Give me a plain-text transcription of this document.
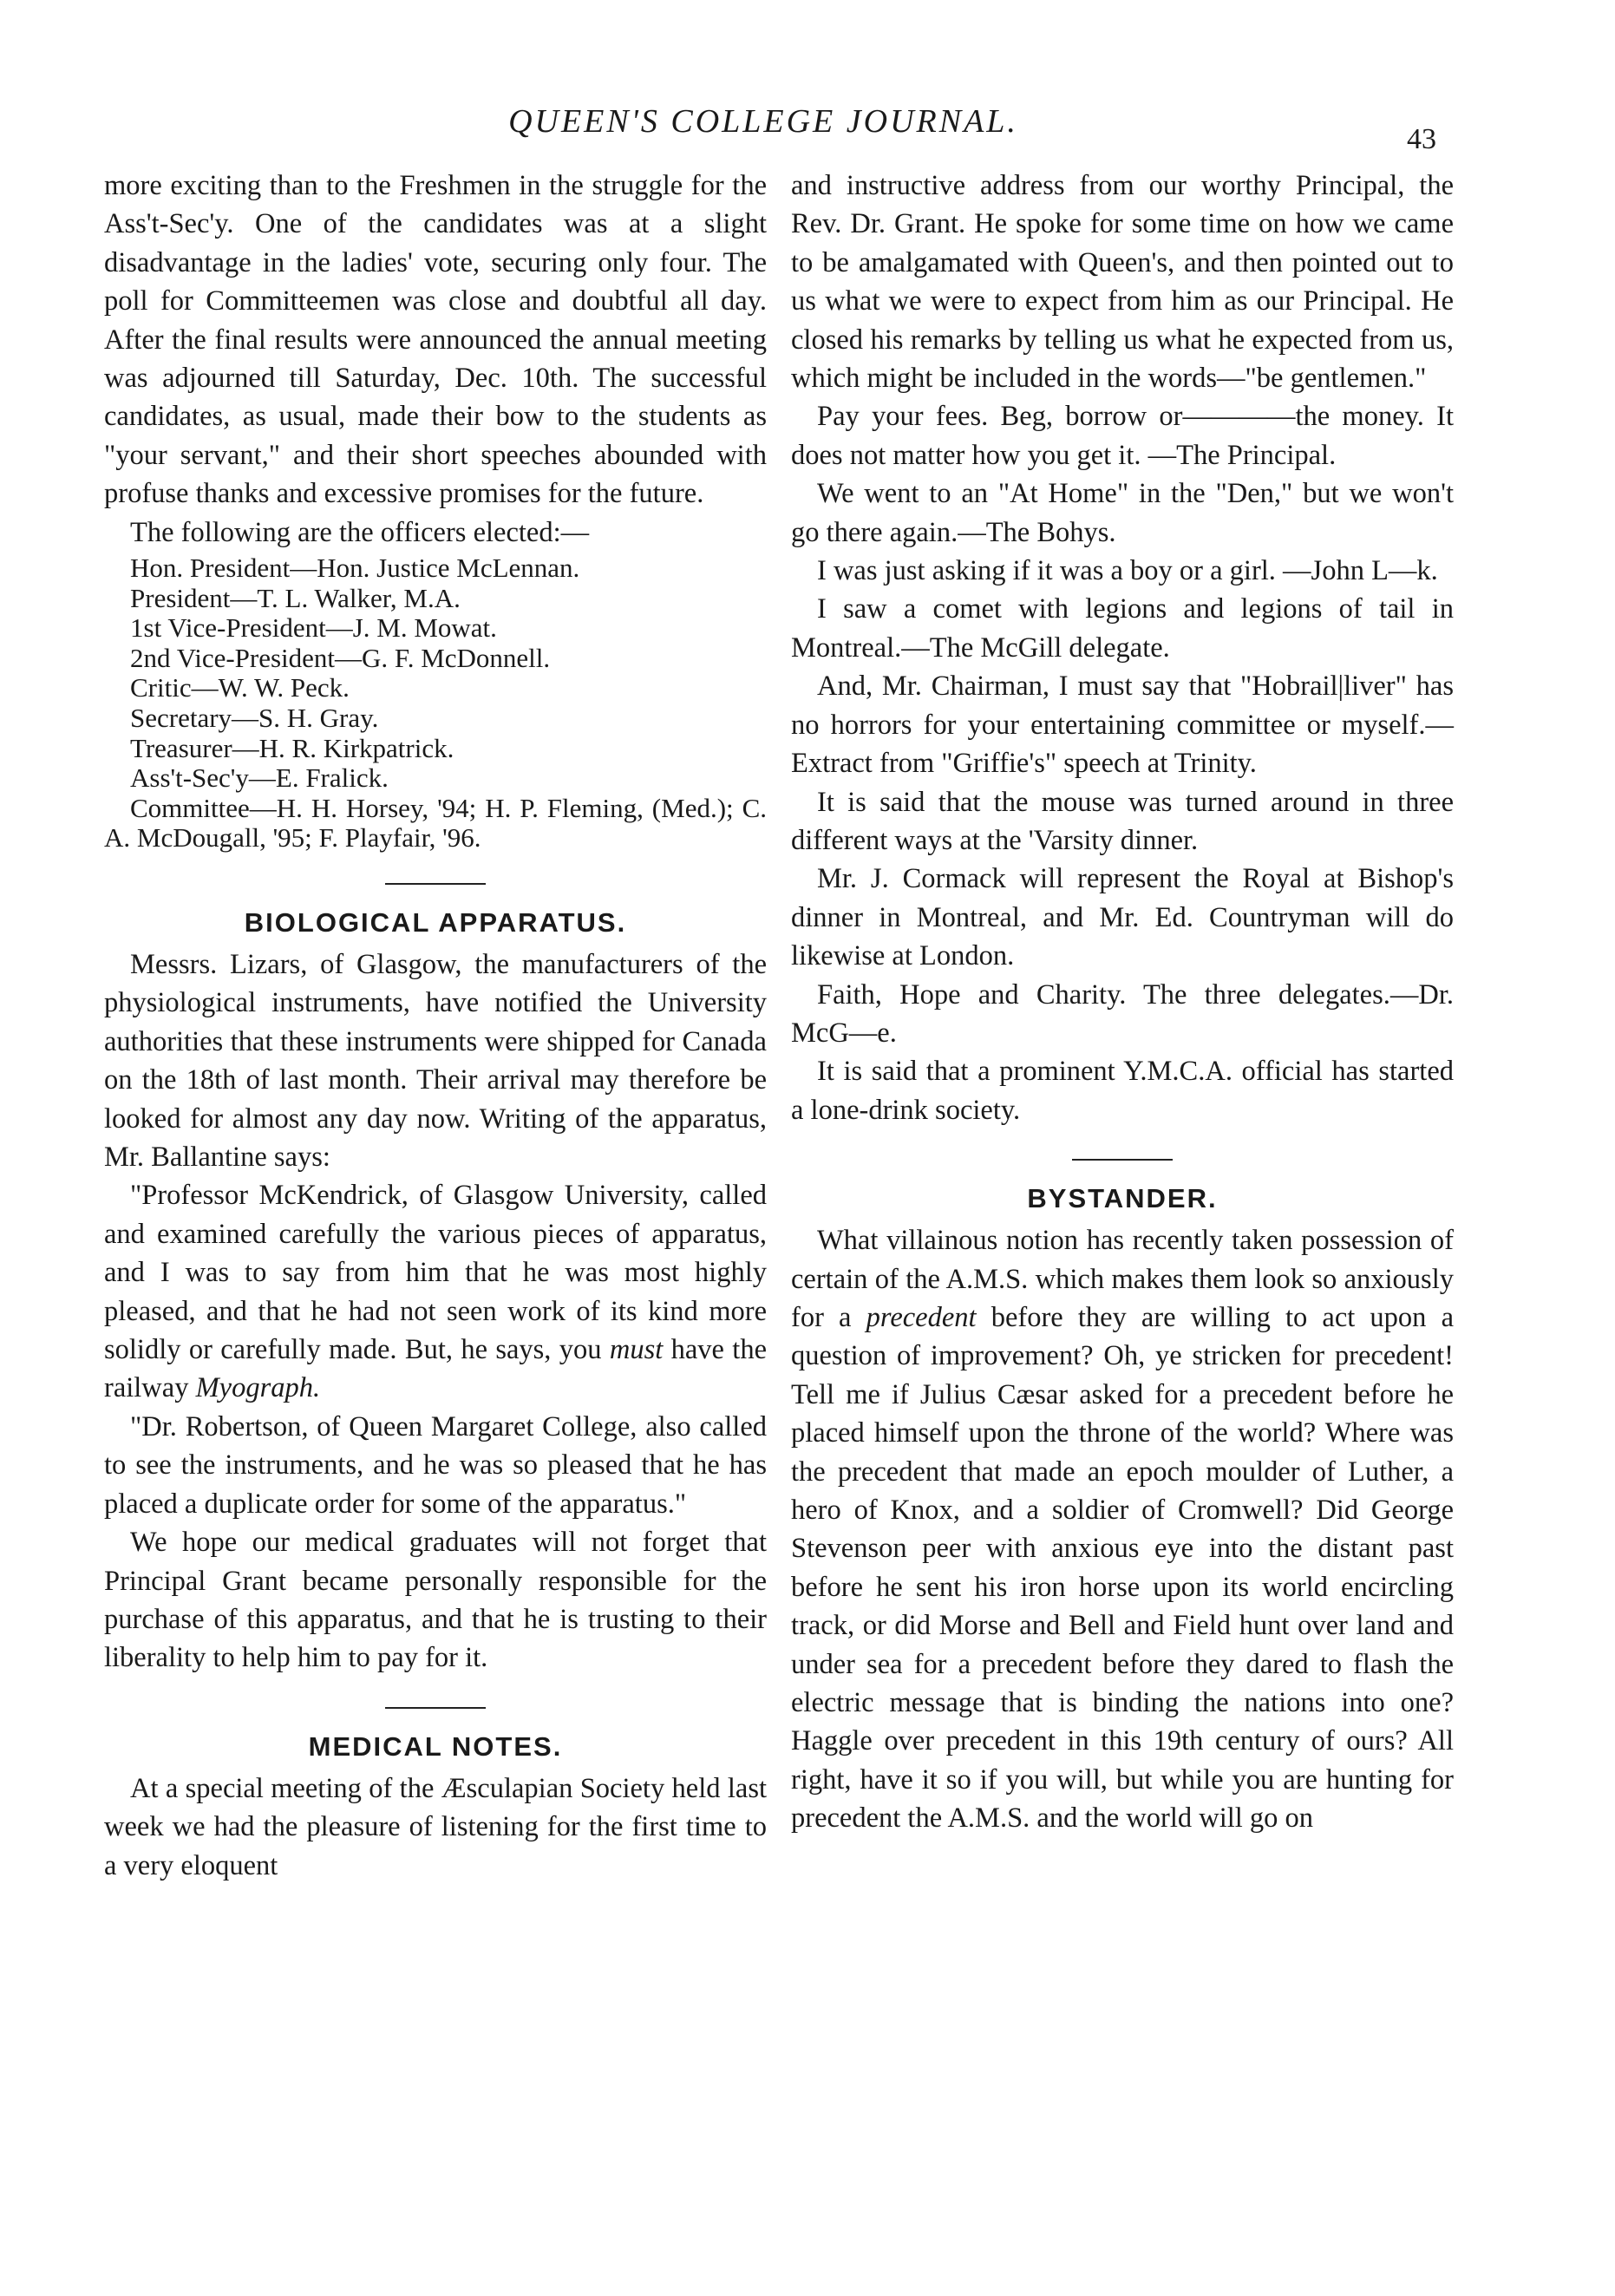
QUEEN'S COLLEGE JOURNAL.	43

more exciting than to the Freshmen in the struggle for the Ass't-Sec'y. One of the candidates was at a slight disadvantage in the ladies' vote, securing only four. The poll for Committeemen was close and doubtful all day. After the final results were announced the annual meeting was adjourned till Saturday, Dec. 10th. The successful candidates, as usual, made their bow to the students as "your servant," and their short speeches abounded with profuse thanks and excessive promises for the future.

The following are the officers elected:—

Hon. President—Hon. Justice McLennan.
President—T. L. Walker, M.A.
1st Vice-President—J. M. Mowat.
2nd Vice-President—G. F. McDonnell.
Critic—W. W. Peck.
Secretary—S. H. Gray.
Treasurer—H. R. Kirkpatrick.
Ass't-Sec'y—E. Fralick.

Committee—H. H. Horsey, '94; H. P. Fleming, (Med.); C. A. McDougall, '95; F. Playfair, '96.

BIOLOGICAL APPARATUS.

Messrs. Lizars, of Glasgow, the manufacturers of the physiological instruments, have notified the University authorities that these instruments were shipped for Canada on the 18th of last month. Their arrival may therefore be looked for almost any day now. Writing of the apparatus, Mr. Ballantine says:

"Professor McKendrick, of Glasgow University, called and examined carefully the various pieces of apparatus, and I was to say from him that he was most highly pleased, and that he had not seen work of its kind more solidly or carefully made. But, he says, you must have the railway Myograph.

"Dr. Robertson, of Queen Margaret College, also called to see the instruments, and he was so pleased that he has placed a duplicate order for some of the apparatus."

We hope our medical graduates will not forget that Principal Grant became personally responsible for the purchase of this apparatus, and that he is trusting to their liberality to help him to pay for it.

MEDICAL NOTES.

At a special meeting of the Æsculapian Society held last week we had the pleasure of listening for the first time to a very eloquent

and instructive address from our worthy Principal, the Rev. Dr. Grant. He spoke for some time on how we came to be amalgamated with Queen's, and then pointed out to us what we were to expect from him as our Principal. He closed his remarks by telling us what he expected from us, which might be included in the words—"be gentlemen."

Pay your fees. Beg, borrow or————the money. It does not matter how you get it. —The Principal.

We went to an "At Home" in the "Den," but we won't go there again.—The Bohys.

I was just asking if it was a boy or a girl. —John L—k.

I saw a comet with legions and legions of tail in Montreal.—The McGill delegate.

And, Mr. Chairman, I must say that "Hobrail|liver" has no horrors for your entertaining committee or myself.—Extract from "Griffie's" speech at Trinity.

It is said that the mouse was turned around in three different ways at the 'Varsity dinner.

Mr. J. Cormack will represent the Royal at Bishop's dinner in Montreal, and Mr. Ed. Countryman will do likewise at London.

Faith, Hope and Charity. The three delegates.—Dr. McG—e.

It is said that a prominent Y.M.C.A. official has started a lone-drink society.

BYSTANDER.

What villainous notion has recently taken possession of certain of the A.M.S. which makes them look so anxiously for a precedent before they are willing to act upon a question of improvement? Oh, ye stricken for precedent! Tell me if Julius Cæsar asked for a precedent before he placed himself upon the throne of the world? Where was the precedent that made an epoch moulder of Luther, a hero of Knox, and a soldier of Cromwell? Did George Stevenson peer with anxious eye into the distant past before he sent his iron horse upon its world encircling track, or did Morse and Bell and Field hunt over land and under sea for a precedent before they dared to flash the electric message that is binding the nations into one? Haggle over precedent in this 19th century of ours? All right, have it so if you will, but while you are hunting for precedent the A.M.S. and the world will go on
